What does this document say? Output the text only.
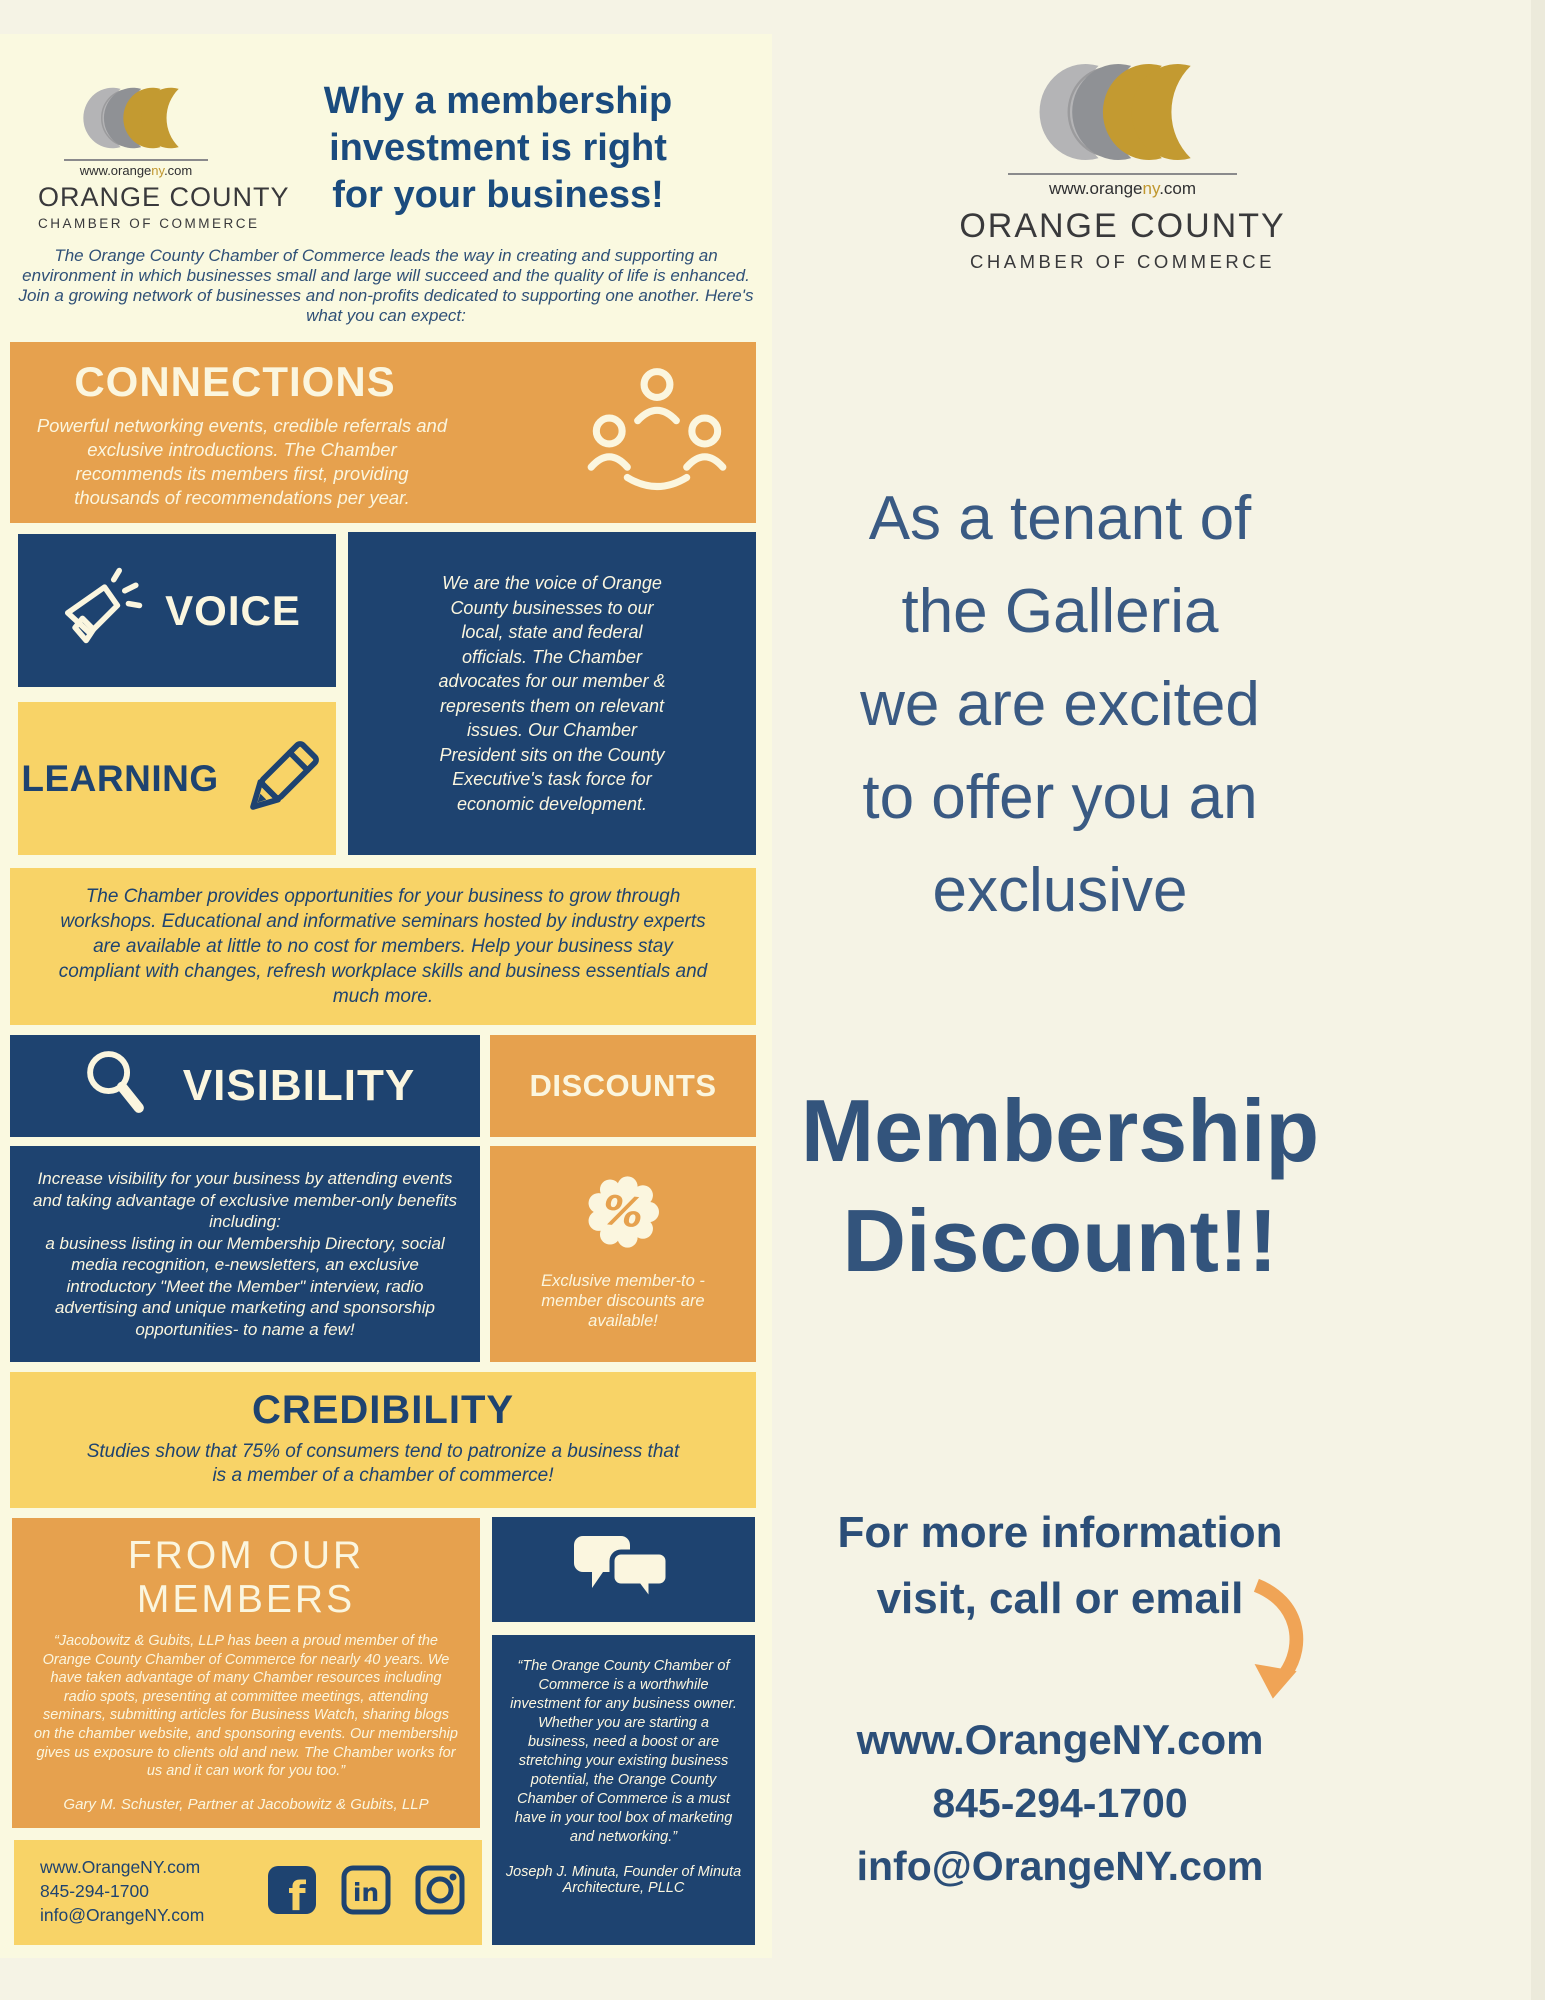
www.orangeny.com
ORANGE COUNTY
CHAMBER OF COMMERCE
Why a membership
investment is right
for your business!
The Orange County Chamber of Commerce leads the way in creating and supporting an environment in which businesses small and large will succeed and the quality of life is enhanced. Join a growing network of businesses and non-profits dedicated to supporting one another. Here's what you can expect:
CONNECTIONS
Powerful networking events, credible referrals and exclusive introductions. The Chamber recommends its members first, providing thousands of recommendations per year.
VOICE
We are the voice of Orange County businesses to our local, state and federal officials. The Chamber advocates for our member & represents them on relevant issues. Our Chamber President sits on the County Executive's task force for economic development.
LEARNING
The Chamber provides opportunities for your business to grow through workshops. Educational and informative seminars hosted by industry experts are available at little to no cost for members. Help your business stay compliant with changes, refresh workplace skills and business essentials and much more.
VISIBILITY	DISCOUNTS
Increase visibility for your business by attending events and taking advantage of exclusive member-only benefits including:
a business listing in our Membership Directory, social media recognition, e-newsletters, an exclusive introductory "Meet the Member" interview, radio advertising and unique marketing and sponsorship opportunities- to name a few!
%
Exclusive member-to -member discounts are available!
CREDIBILITY
Studies show that 75% of consumers tend to patronize a business that is a member of a chamber of commerce!
FROM OUR MEMBERS
“Jacobowitz & Gubits, LLP has been a proud member of the Orange County Chamber of Commerce for nearly 40 years. We have taken advantage of many Chamber resources including radio spots, presenting at committee meetings, attending seminars, submitting articles for Business Watch, sharing blogs on the chamber website, and sponsoring events. Our membership gives us exposure to clients old and new. The Chamber works for us and it can work for you too.”
Gary M. Schuster, Partner at Jacobowitz & Gubits, LLP
“The Orange County Chamber of Commerce is a worthwhile investment for any business owner. Whether you are starting a business, need a boost or are stretching your existing business potential, the Orange County Chamber of Commerce is a must have in your tool box of marketing and networking.”
Joseph J. Minuta, Founder of Minuta Architecture, PLLC
www.OrangeNY.com
845-294-1700
info@OrangeNY.com f in
www.orangeny.com
ORANGE COUNTY
CHAMBER OF COMMERCE
As a tenant of
the Galleria
we are excited
to offer you an
exclusive
Membership
Discount!!
For more information
visit, call or email
www.OrangeNY.com
845-294-1700
info@OrangeNY.com
